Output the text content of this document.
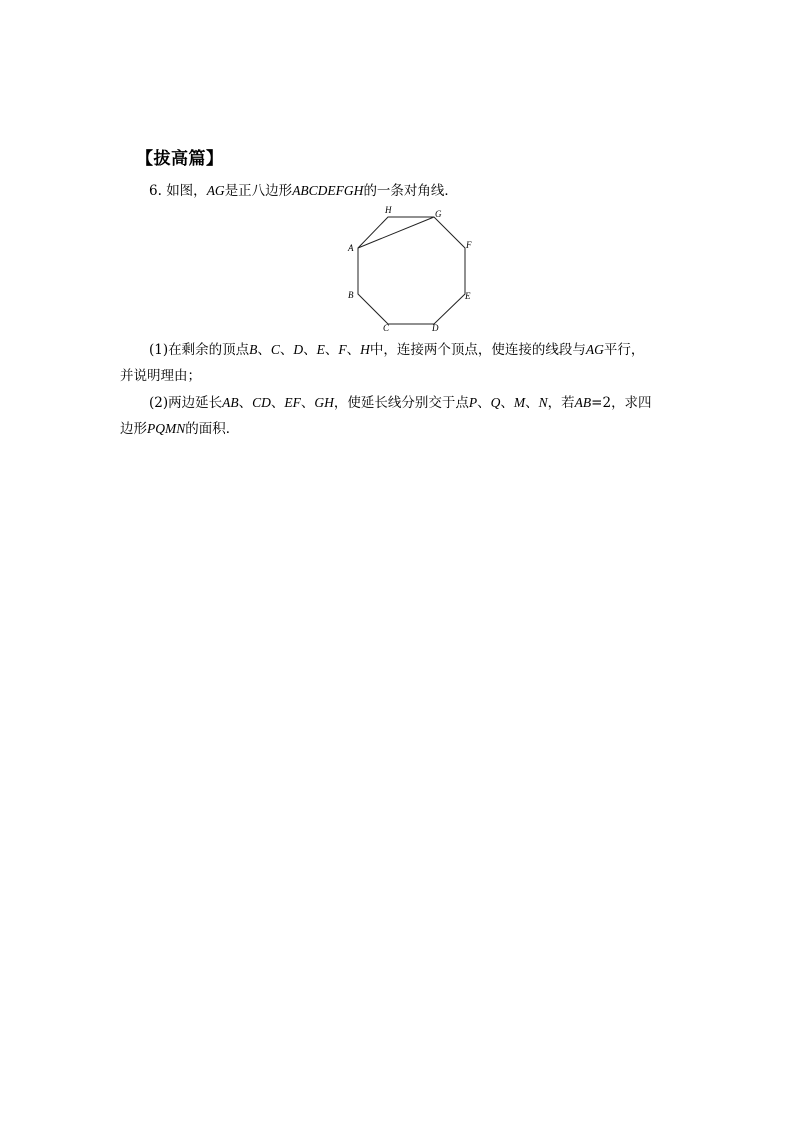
【拔高篇】
6. 如图，AG是正八边形ABCDEFGH的一条对角线．
A
H	G
F
E
D
C
B
(1)在剩余的顶点B、C、D、E、F、H中，连接两个顶点，使连接的线段与AG平行，
并说明理由；
(2)两边延长AB、CD、EF、GH，使延长线分别交于点P、Q、M、N，若AB=2，求四
边形PQMN的面积．
